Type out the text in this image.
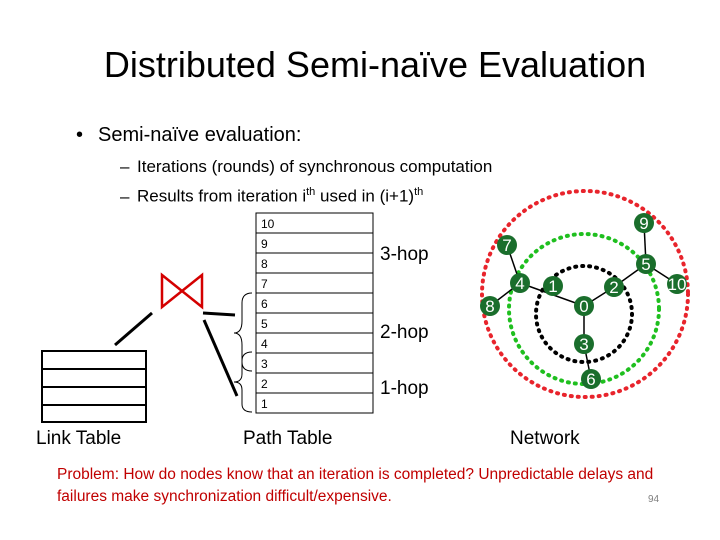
Distributed Semi-naïve Evaluation
• Semi-naïve evaluation:
– Iterations (rounds) of synchronous computation
– Results from iteration $i^{th}$ used in $(i+1)^{th}$
10
9
8
7
6
5
4
3
2
1
9
7
5
4 1	2	10
8	0
3
6
3-hop
2-hop
1-hop
Link Table	Path Table	Network
Problem: How do nodes know that an iteration is completed? Unpredictable delays and failures make synchronization difficult/expensive.	94
